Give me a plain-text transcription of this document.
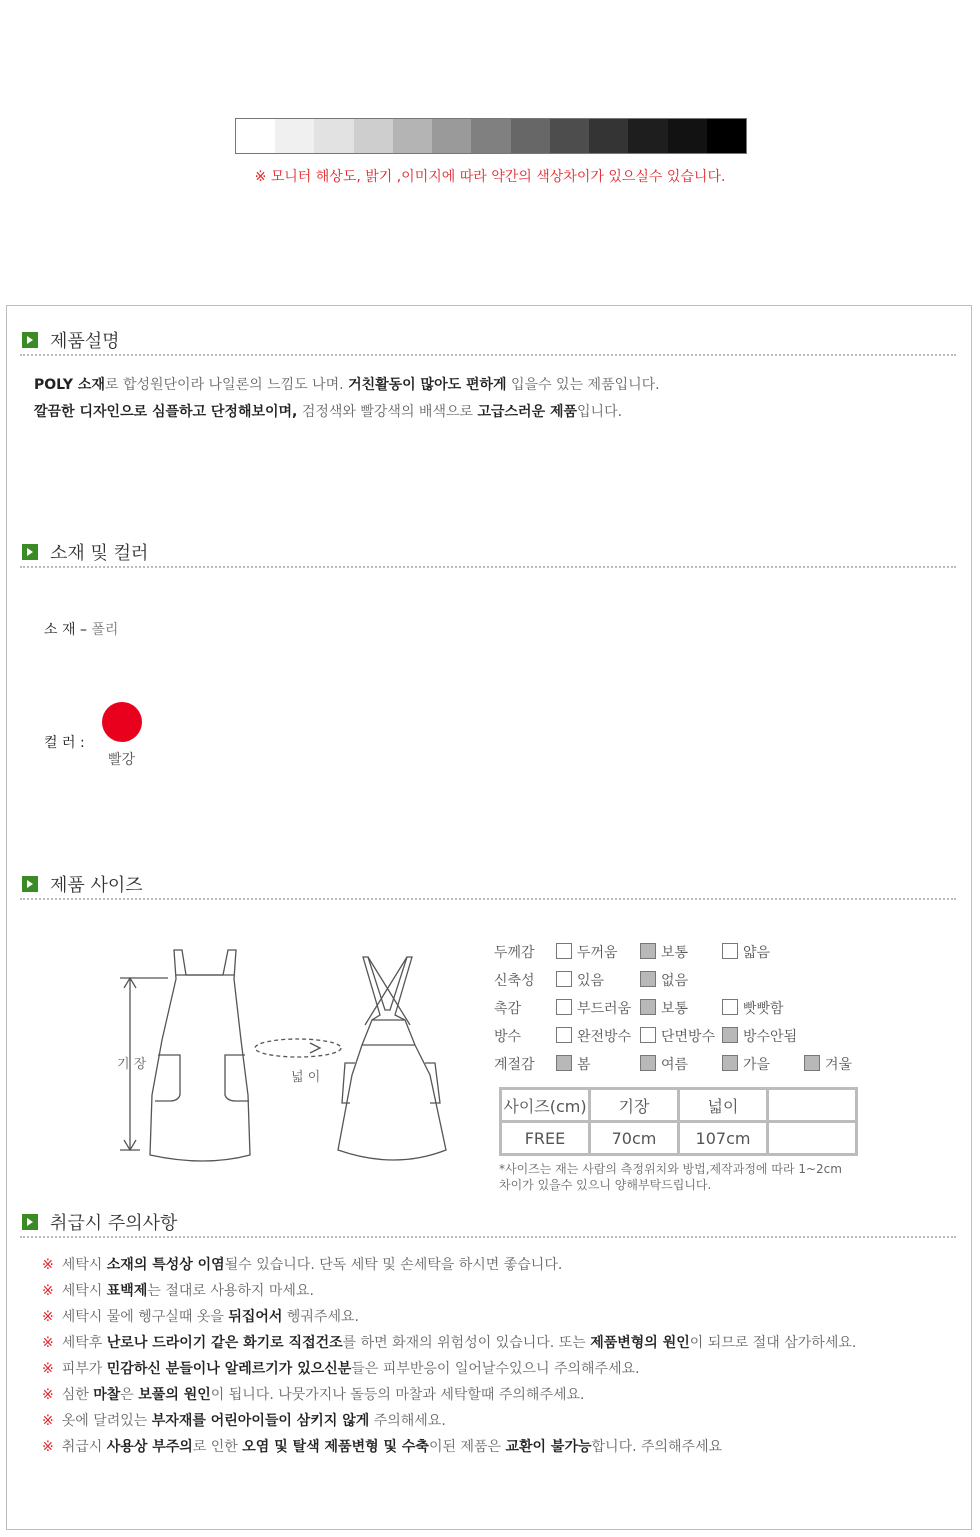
※ 모니터 해상도, 밝기 ,이미지에 따라 약간의 색상차이가 있으실수 있습니다.
제품설명
POLY 소재로 합성원단이라 나일론의 느낌도 나며. 거친활동이 많아도 편하게 입을수 있는 제품입니다.
깔끔한 디자인으로 심플하고 단정해보이며, 검정색와 빨강색의 배색으로 고급스러운 제품입니다.
소재 및 컬러
소 재 – 폴리
컬 러 :
빨강
제품 사이즈
기 장
넓 이
두께감	두꺼움	보통	얇음
신축성	있음	없음
촉감	부드러움 보통	빳빳함
방수	완전방수 단면방수 방수안됨
계절감	봄	여름	가을	겨울
사이즈(cm)	기장	넓이	
FREE	70cm	107cm	
*사이즈는 재는 사람의 측정위치와 방법,제작과정에 따라 1~2cm
차이가 있을수 있으니 양해부탁드립니다.
취급시 주의사항
※ 세탁시 소재의 특성상 이염될수 있습니다. 단독 세탁 및 손세탁을 하시면 좋습니다.
※ 세탁시 표백제는 절대로 사용하지 마세요.
※ 세탁시 물에 헹구실때 옷을 뒤집어서 헹궈주세요.
※ 세탁후 난로나 드라이기 같은 화기로 직접건조를 하면 화재의 위험성이 있습니다. 또는 제품변형의 원인이 되므로 절대 삼가하세요.
※ 피부가 민감하신 분들이나 알레르기가 있으신분들은 피부반응이 일어날수있으니 주의해주세요.
※ 심한 마찰은 보풀의 원인이 됩니다. 나뭇가지나 돌등의 마찰과 세탁할때 주의해주세요.
※ 옷에 달려있는 부자재를 어린아이들이 삼키지 않게 주의해세요.
※ 취급시 사용상 부주의로 인한 오염 및 탈색 제품변형 및 수축이된 제품은 교환이 불가능합니다. 주의해주세요
